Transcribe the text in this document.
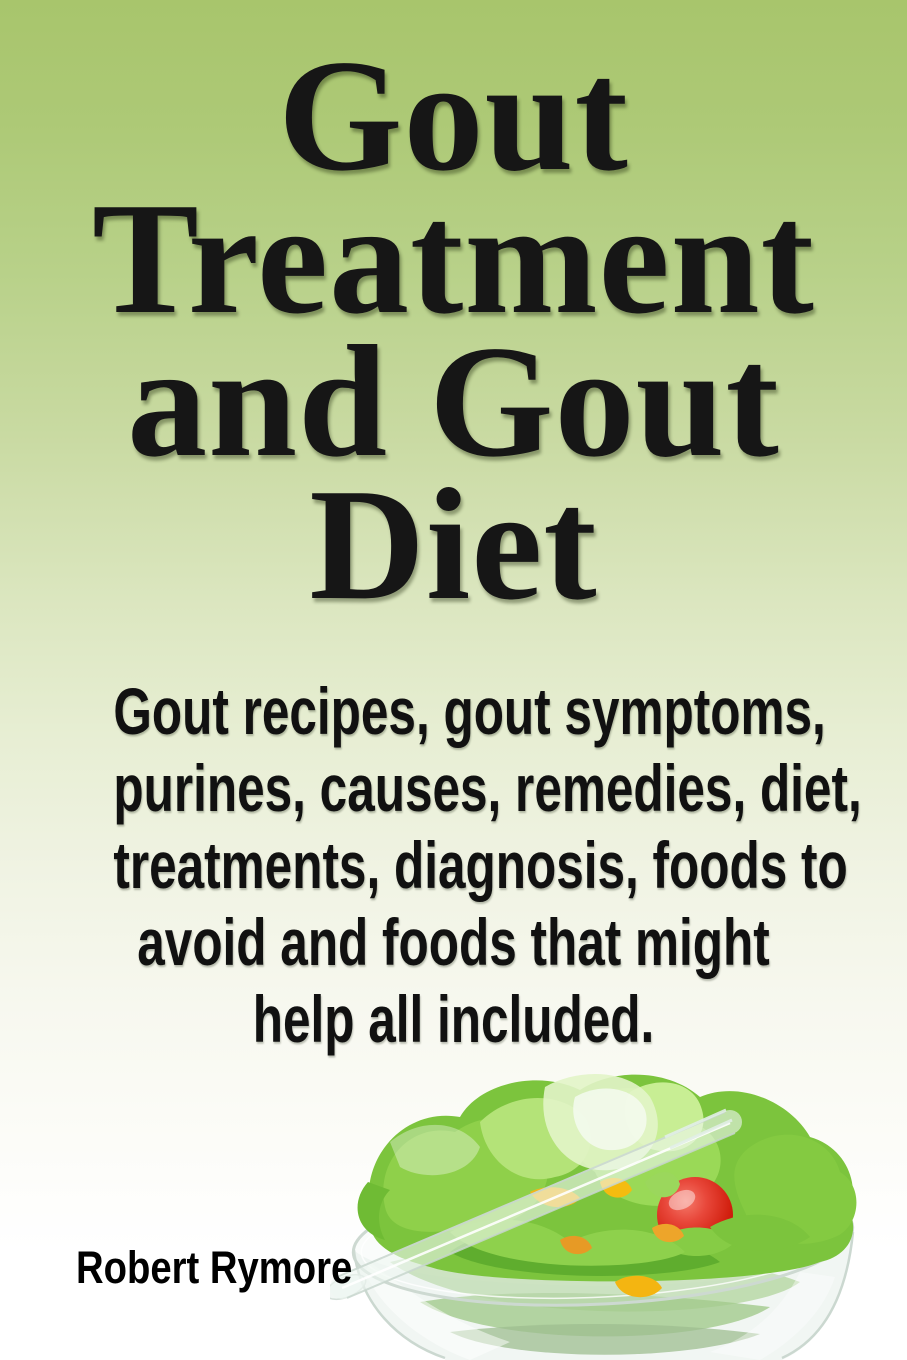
Gout
Treatment
and Gout
Diet
Gout recipes, gout symptoms,
purines, causes, remedies, diet,
treatments, diagnosis, foods to
avoid and foods that might
help all included.
Robert Rymore
